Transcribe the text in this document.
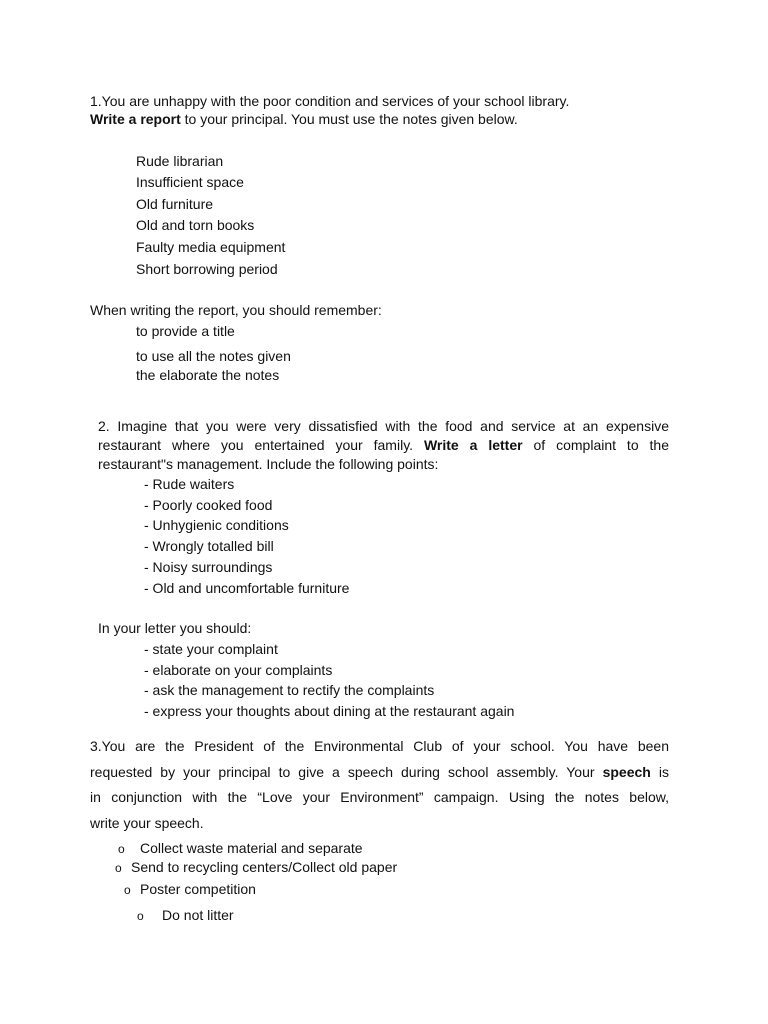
1.You are unhappy with the poor condition and services of your school library.
Write a report to your principal. You must use the notes given below.
Rude librarian
Insufficient space
Old furniture
Old and torn books
Faulty media equipment
Short borrowing period
When writing the report, you should remember:
to provide a title
to use all the notes given
the elaborate the notes
2. Imagine that you were very dissatisfied with the food and service at an expensive
restaurant where you entertained your family. Write a letter of complaint to the
restaurant"s management. Include the following points:
- Rude waiters
- Poorly cooked food
- Unhygienic conditions
- Wrongly totalled bill
- Noisy surroundings
- Old and uncomfortable furniture
In your letter you should:
- state your complaint
- elaborate on your complaints
- ask the management to rectify the complaints
- express your thoughts about dining at the restaurant again
3.You are the President of the Environmental Club of your school. You have been
requested by your principal to give a speech during school assembly. Your speech is
in conjunction with the “Love your Environment” campaign. Using the notes below,
write your speech.
o Collect waste material and separate
o Send to recycling centers/Collect old paper
o Poster competition
o Do not litter
